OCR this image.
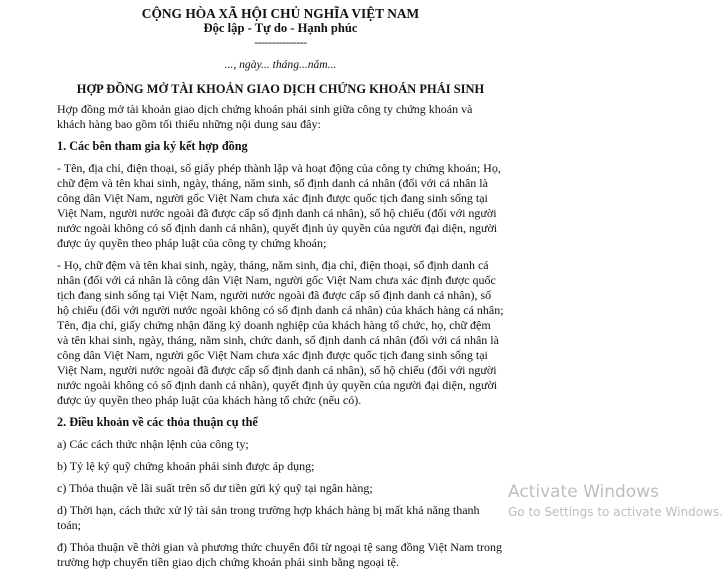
CỘNG HÒA XÃ HỘI CHỦ NGHĨA VIỆT NAM
Độc lập - Tự do - Hạnh phúc
---------------
..., ngày... tháng...năm...
HỢP ĐỒNG MỞ TÀI KHOẢN GIAO DỊCH CHỨNG KHOÁN PHÁI SINH

Hợp đồng mở tài khoản giao dịch chứng khoán phái sinh giữa công ty chứng khoán và khách hàng bao gồm tối thiểu những nội dung sau đây:

1. Các bên tham gia ký kết hợp đồng

- Tên, địa chỉ, điện thoại, số giấy phép thành lập và hoạt động của công ty chứng khoán; Họ, chữ đệm và tên khai sinh, ngày, tháng, năm sinh, số định danh cá nhân (đối với cá nhân là công dân Việt Nam, người gốc Việt Nam chưa xác định được quốc tịch đang sinh sống tại Việt Nam, người nước ngoài đã được cấp số định danh cá nhân), số hộ chiếu (đối với người nước ngoài không có số định danh cá nhân), quyết định ủy quyền của người đại diện, người được ủy quyền theo pháp luật của công ty chứng khoán;

- Họ, chữ đệm và tên khai sinh, ngày, tháng, năm sinh, địa chỉ, điện thoại, số định danh cá nhân (đối với cá nhân là công dân Việt Nam, người gốc Việt Nam chưa xác định được quốc tịch đang sinh sống tại Việt Nam, người nước ngoài đã được cấp số định danh cá nhân), số hộ chiếu (đối với người nước ngoài không có số định danh cá nhân) của khách hàng cá nhân; Tên, địa chỉ, giấy chứng nhận đăng ký doanh nghiệp của khách hàng tổ chức, họ, chữ đệm và tên khai sinh, ngày, tháng, năm sinh, chức danh, số định danh cá nhân (đối với cá nhân là công dân Việt Nam, người gốc Việt Nam chưa xác định được quốc tịch đang sinh sống tại Việt Nam, người nước ngoài đã được cấp số định danh cá nhân), số hộ chiếu (đối với người nước ngoài không có số định danh cá nhân), quyết định ủy quyền của người đại diện, người được ủy quyền theo pháp luật của khách hàng tổ chức (nếu có).

2. Điều khoản về các thỏa thuận cụ thể

a) Các cách thức nhận lệnh của công ty;

b) Tỷ lệ ký quỹ chứng khoán phái sinh được áp dụng;

c) Thỏa thuận về lãi suất trên số dư tiền gửi ký quỹ tại ngân hàng;

d) Thời hạn, cách thức xử lý tài sản trong trường hợp khách hàng bị mất khả năng thanh toán;

đ) Thỏa thuận về thời gian và phương thức chuyển đổi từ ngoại tệ sang đồng Việt Nam trong trường hợp chuyển tiền giao dịch chứng khoán phái sinh bằng ngoại tệ.

Activate Windows
Go to Settings to activate Windows.
